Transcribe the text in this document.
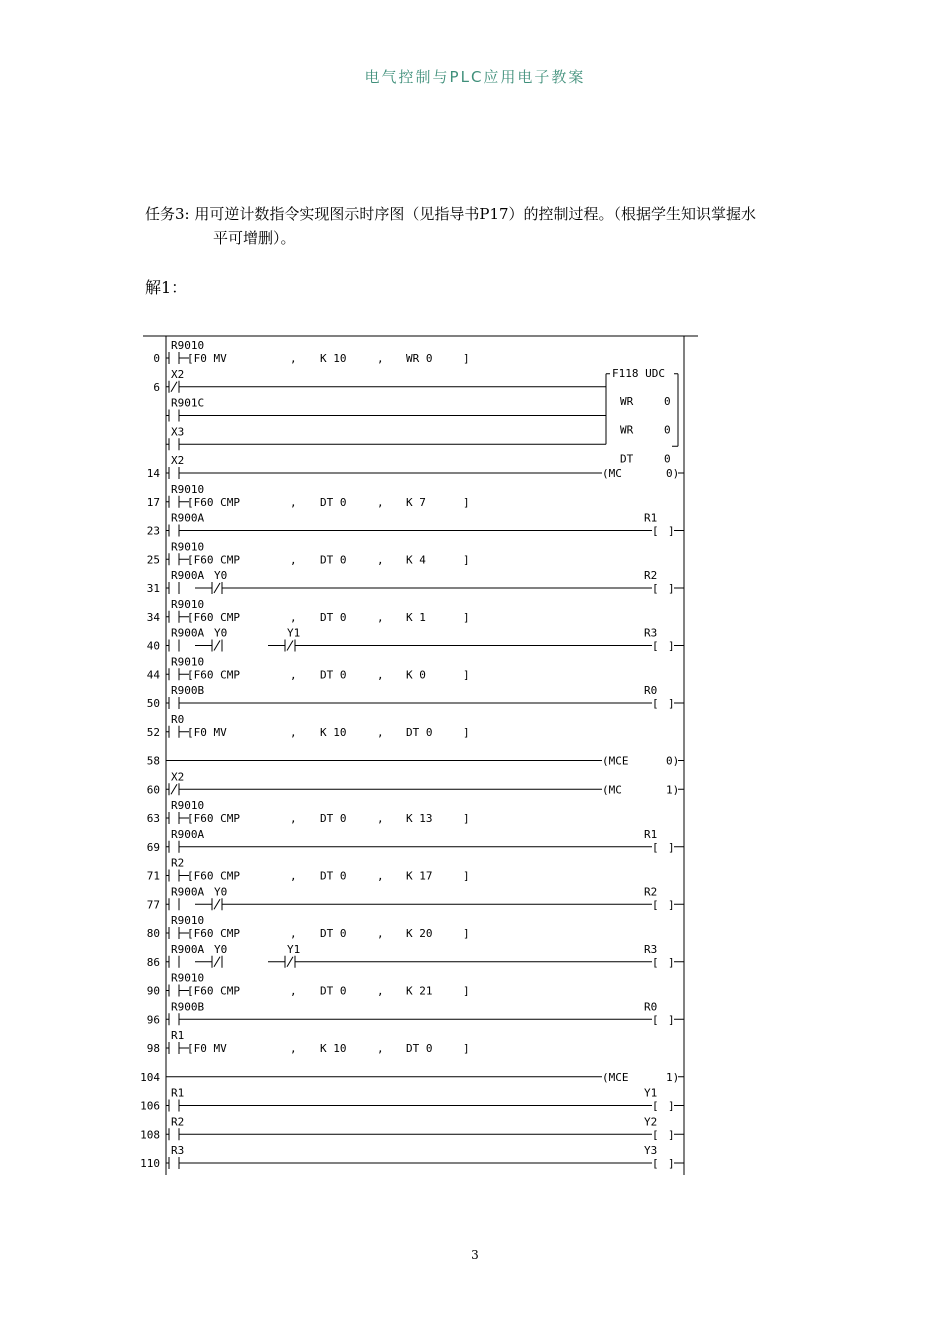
电气控制与PLC应用电子教案
任务3: 用可逆计数指令实现图示时序图（见指导书P17）的控制过程。（根据学生知识掌握水
平可增删）。
解1：
0
R9010
[F0 MV	, K 10	, WR 0	]
6
X2	F118 UDC
WR	0
R901C
WR	0
X3
DT	0
14
X2
(MC	0)
17
R9010
[F60 CMP	, DT 0	, K 7	]
23
R900A
[ ]
R1
25
R9010
[F60 CMP	, DT 0	, K 4	]
31
R900A Y0
[ ]
R2
34
R9010
[F60 CMP	, DT 0	, K 1	]
40
R900A Y0	Y1
[ ]
R3
44
R9010
[F60 CMP	, DT 0	, K 0	]
50
R900B
[ ]
R0
52
R0
[F0 MV	, K 10	, DT 0	]
58	(MCE	0)
60
X2
(MC	1)
63
R9010
[F60 CMP	, DT 0	, K 13	]
69
R900A
[ ]
R1
71
R2
[F60 CMP	, DT 0	, K 17	]
77
R900A Y0
[ ]
R2
80
R9010
[F60 CMP	, DT 0	, K 20	]
86
R900A Y0	Y1
[ ]
R3
90
R9010
[F60 CMP	, DT 0	, K 21	]
96
R900B
[ ]
R0
98
R1
[F0 MV	, K 10	, DT 0	]
104	(MCE	1)
106
R1
[ ]
Y1
108
R2
[ ]
Y2
110
R3
[ ]
Y3
3
